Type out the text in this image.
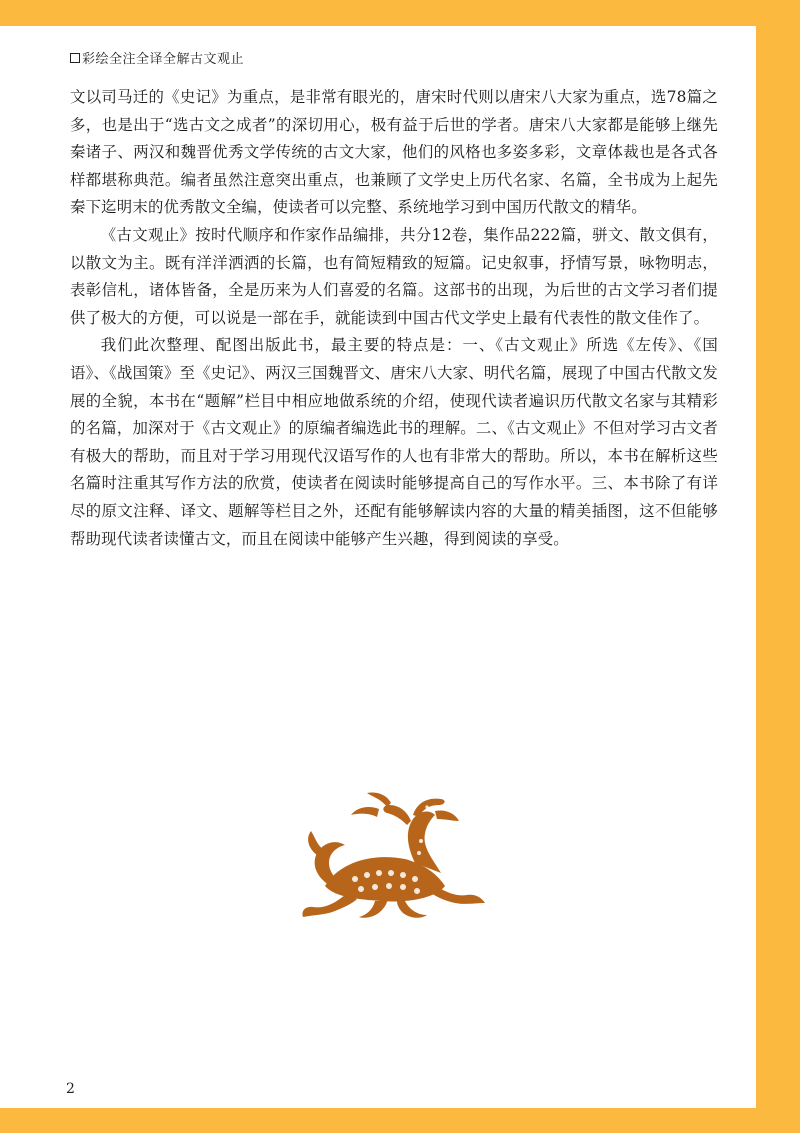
彩绘全注全译全解古文观止

文以司马迁的《史记》为重点，是非常有眼光的，唐宋时代则以唐宋八大家为重点，选78篇之多，也是出于“选古文之成者”的深切用心，极有益于后世的学者。唐宋八大家都是能够上继先秦诸子、两汉和魏晋优秀文学传统的古文大家，他们的风格也多姿多彩，文章体裁也是各式各样都堪称典范。编者虽然注意突出重点，也兼顾了文学史上历代名家、名篇，全书成为上起先秦下迄明末的优秀散文全编，使读者可以完整、系统地学习到中国历代散文的精华。

《古文观止》按时代顺序和作家作品编排，共分12卷，集作品222篇，骈文、散文俱有，以散文为主。既有洋洋洒洒的长篇，也有简短精致的短篇。记史叙事，抒情写景，咏物明志，表彰信札，诸体皆备，全是历来为人们喜爱的名篇。这部书的出现，为后世的古文学习者们提供了极大的方便，可以说是一部在手，就能读到中国古代文学史上最有代表性的散文佳作了。

我们此次整理、配图出版此书，最主要的特点是：一、《古文观止》所选《左传》、《国语》、《战国策》至《史记》、两汉三国魏晋文、唐宋八大家、明代名篇，展现了中国古代散文发展的全貌，本书在“题解”栏目中相应地做系统的介绍，使现代读者遍识历代散文名家与其精彩的名篇，加深对于《古文观止》的原编者编选此书的理解。二、《古文观止》不但对学习古文者有极大的帮助，而且对于学习用现代汉语写作的人也有非常大的帮助。所以，本书在解析这些名篇时注重其写作方法的欣赏，使读者在阅读时能够提高自己的写作水平。三、本书除了有详尽的原文注释、译文、题解等栏目之外，还配有能够解读内容的大量的精美插图，这不但能够帮助现代读者读懂古文，而且在阅读中能够产生兴趣，得到阅读的享受。

2
